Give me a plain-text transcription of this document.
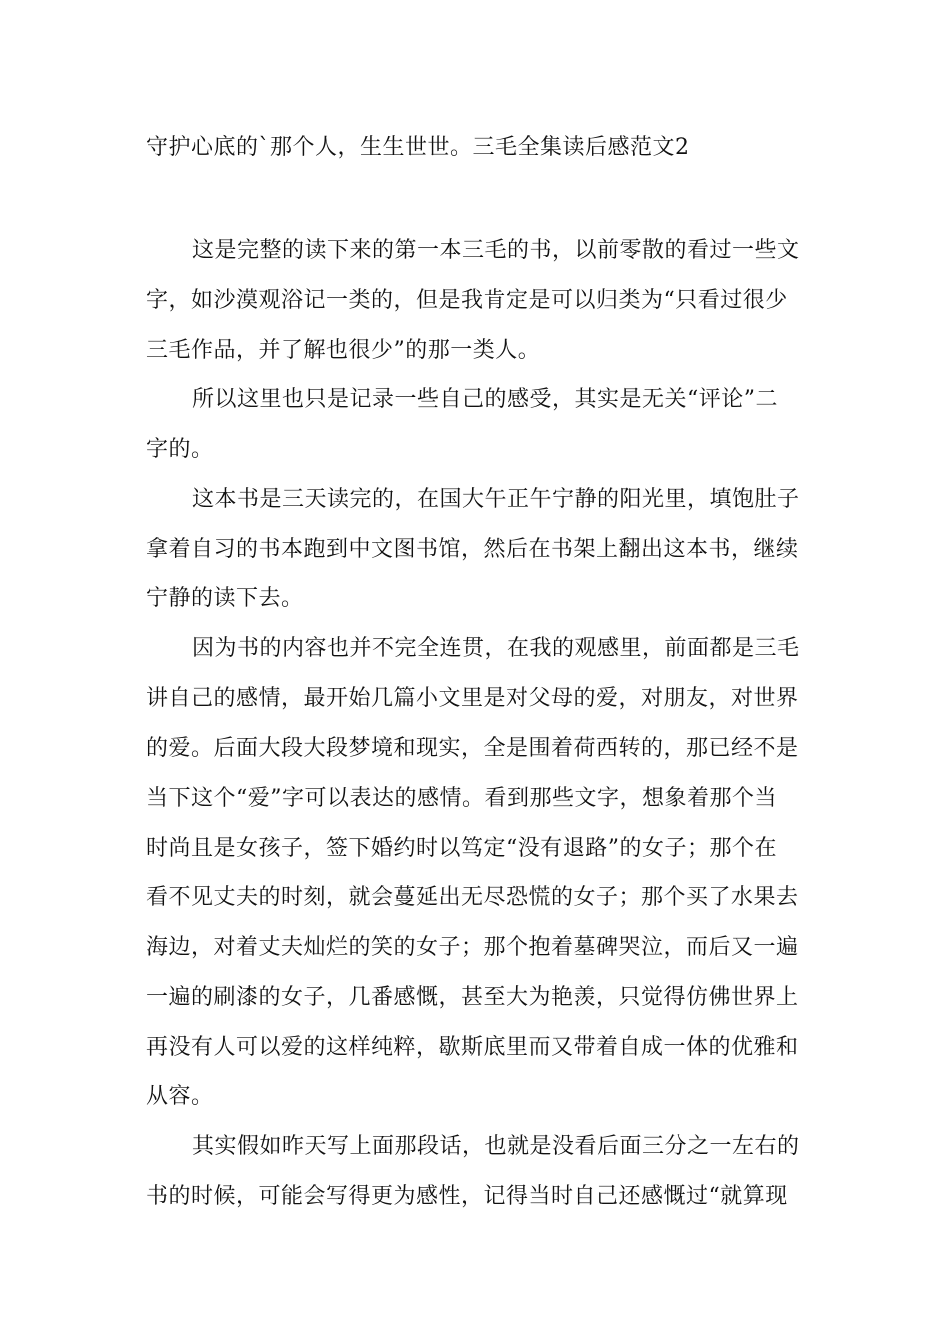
守护心底的`那个人，生生世世。三毛全集读后感范文2
这是完整的读下来的第一本三毛的书，以前零散的看过一些文
字，如沙漠观浴记一类的，但是我肯定是可以归类为“只看过很少
三毛作品，并了解也很少”的那一类人。
所以这里也只是记录一些自己的感受，其实是无关“评论”二
字的。
这本书是三天读完的，在国大午正午宁静的阳光里，填饱肚子
拿着自习的书本跑到中文图书馆，然后在书架上翻出这本书，继续
宁静的读下去。
因为书的内容也并不完全连贯，在我的观感里，前面都是三毛
讲自己的感情，最开始几篇小文里是对父母的爱，对朋友，对世界
的爱。后面大段大段梦境和现实，全是围着荷西转的，那已经不是
当下这个“爱”字可以表达的感情。看到那些文字，想象着那个当
时尚且是女孩子，签下婚约时以笃定“没有退路”的女子；那个在
看不见丈夫的时刻，就会蔓延出无尽恐慌的女子；那个买了水果去
海边，对着丈夫灿烂的笑的女子；那个抱着墓碑哭泣，而后又一遍
一遍的刷漆的女子，几番感慨，甚至大为艳羡，只觉得仿佛世界上
再没有人可以爱的这样纯粹，歇斯底里而又带着自成一体的优雅和
从容。
其实假如昨天写上面那段话，也就是没看后面三分之一左右的
书的时候，可能会写得更为感性，记得当时自己还感慨过“就算现
